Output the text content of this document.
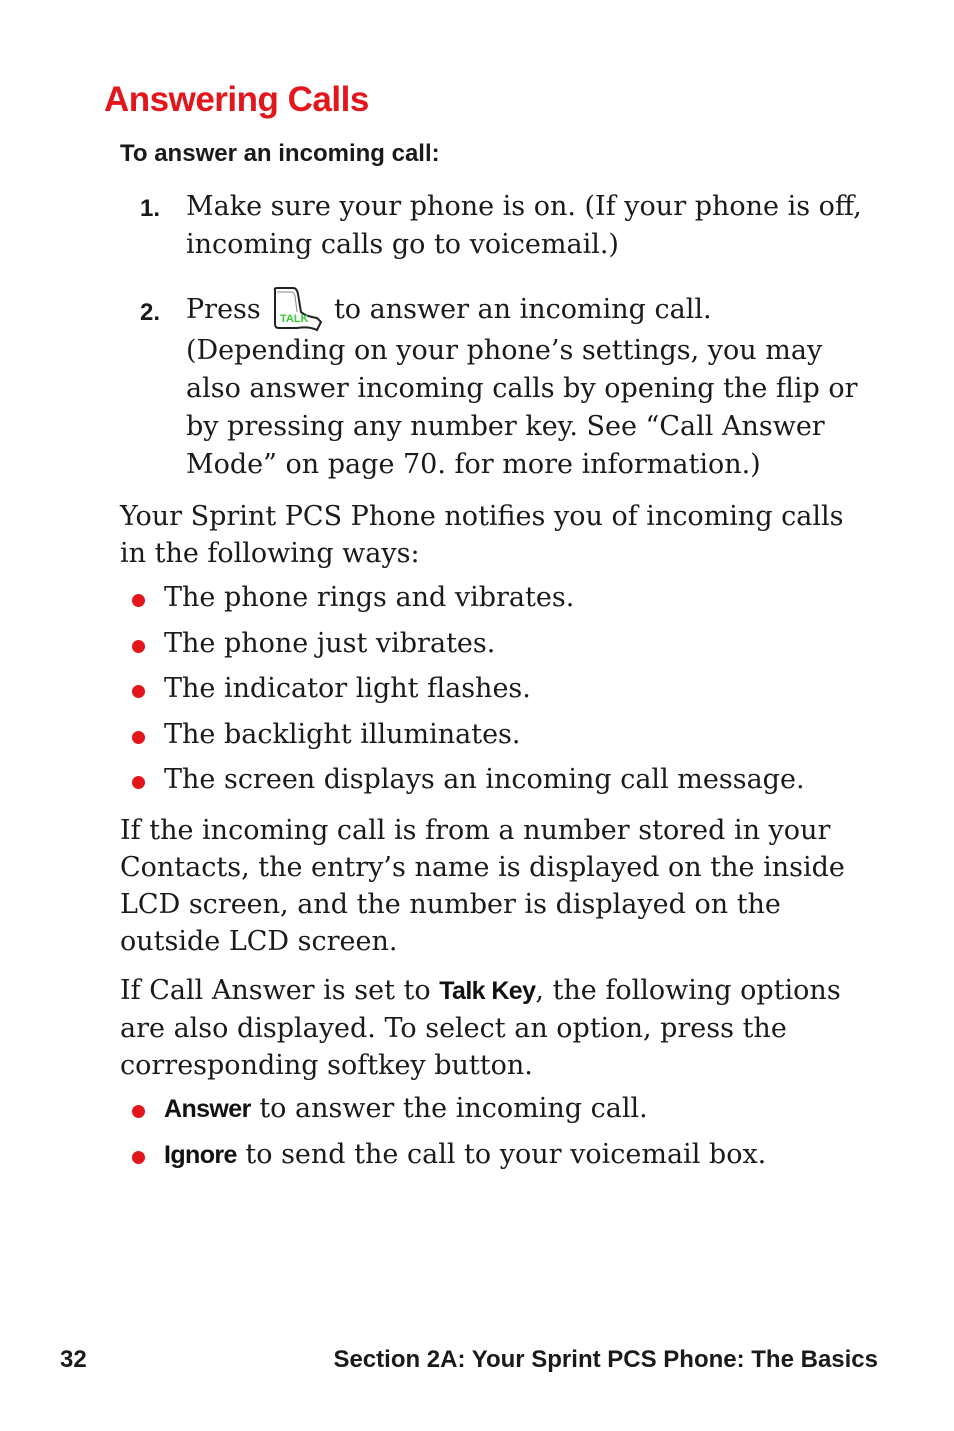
Answering Calls
To answer an incoming call:
1. Make sure your phone is on. (If your phone is off, incoming calls go to voicemail.)
2. Press TALK to answer an incoming call. (Depending on your phone’s settings, you may also answer incoming calls by opening the flip or by pressing any number key. See “Call Answer Mode” on page 70. for more information.)
Your Sprint PCS Phone notifies you of incoming calls in the following ways:
The phone rings and vibrates.
The phone just vibrates.
The indicator light flashes.
The backlight illuminates.
The screen displays an incoming call message.
If the incoming call is from a number stored in your Contacts, the entry’s name is displayed on the inside LCD screen, and the number is displayed on the outside LCD screen.
If Call Answer is set to Talk Key, the following options are also displayed. To select an option, press the corresponding softkey button.
Answer to answer the incoming call.
Ignore to send the call to your voicemail box.
32	Section 2A: Your Sprint PCS Phone: The Basics
